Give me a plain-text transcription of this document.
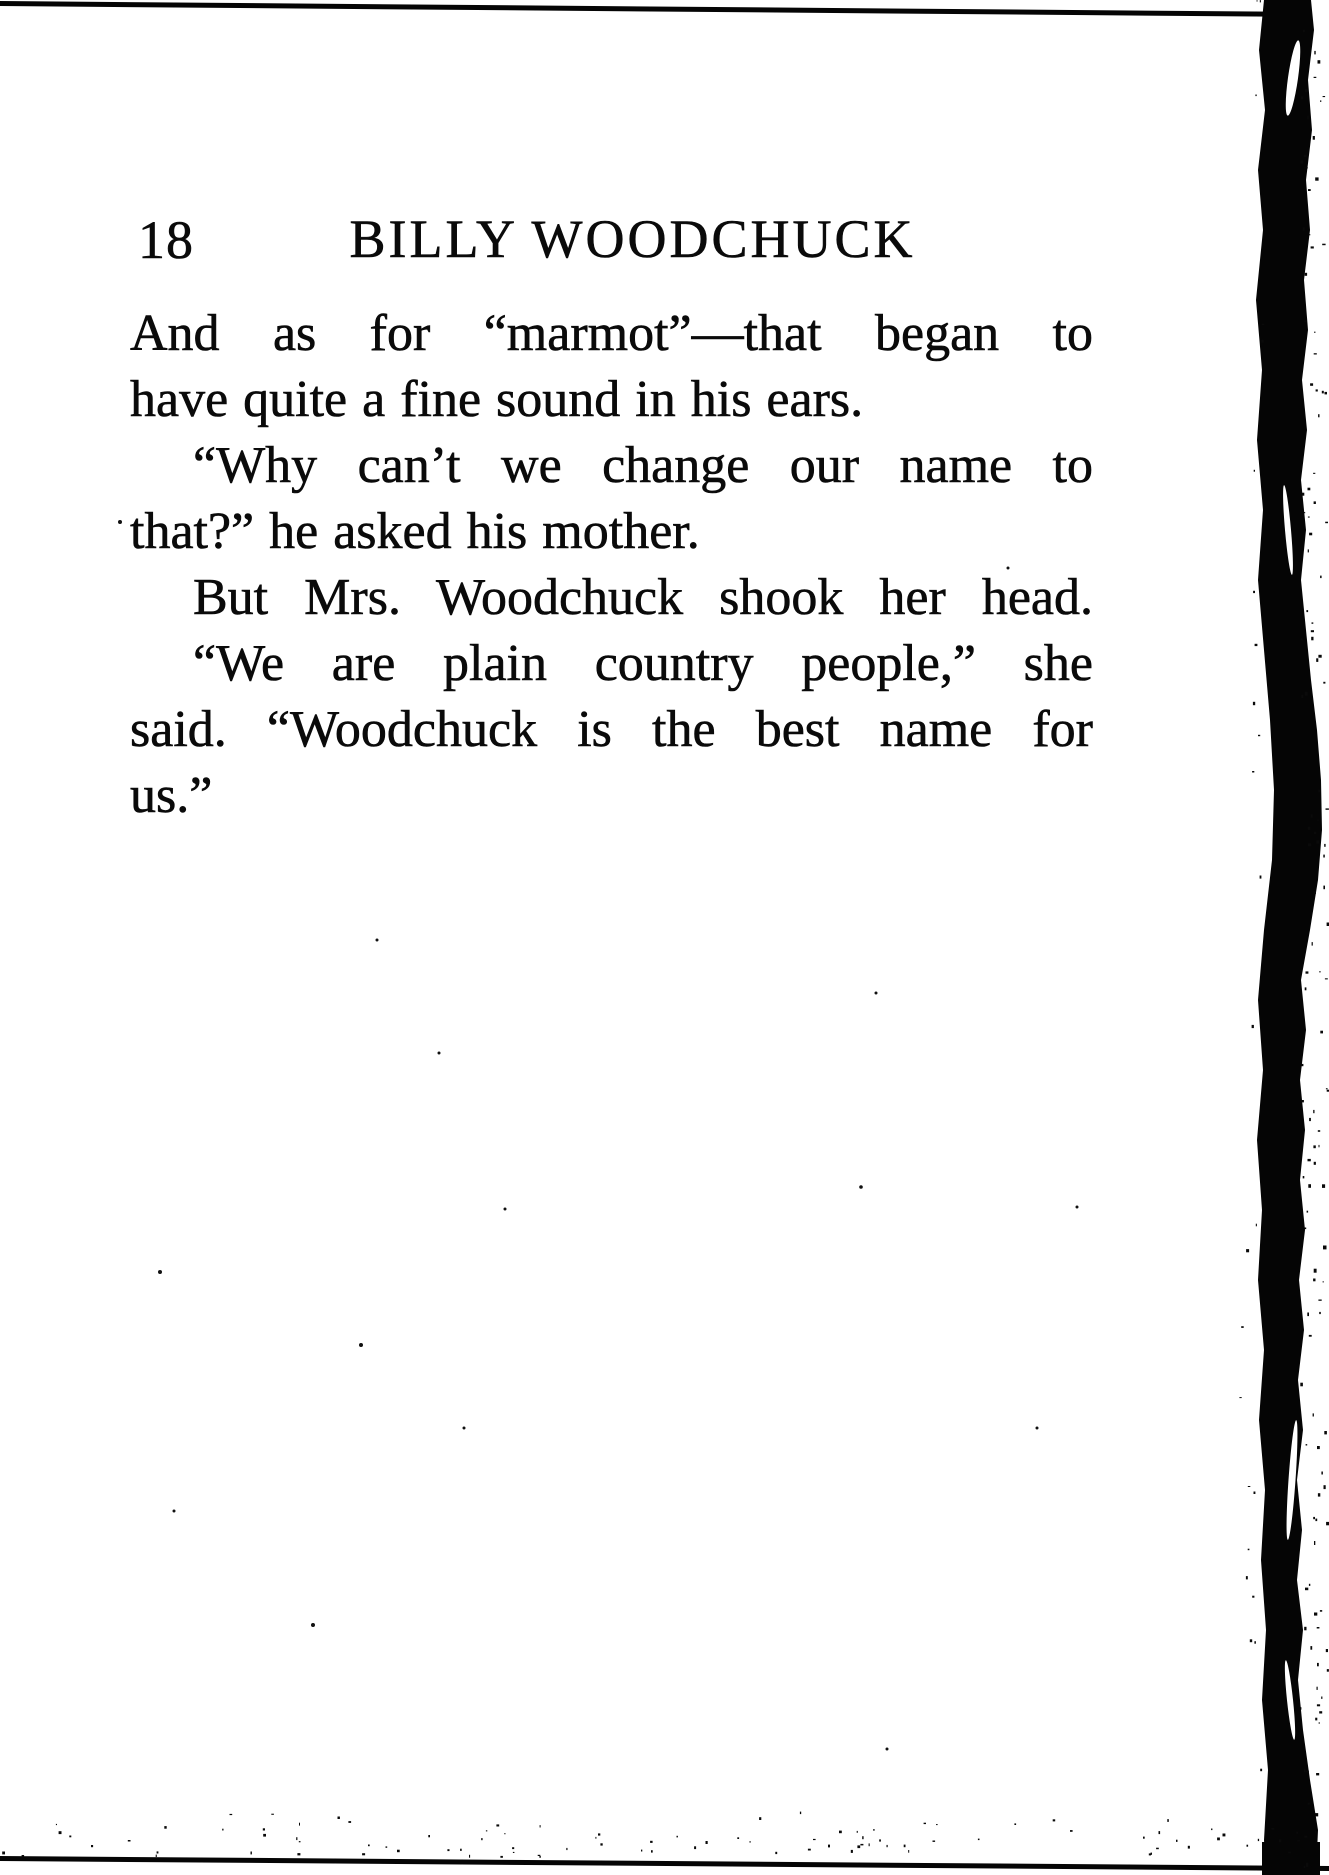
18	BILLY WOODCHUCK
And as for “marmot”—that began to
have quite a fine sound in his ears.
“Why can’t we change our name to
that?” he asked his mother.
But Mrs. Woodchuck shook her head.
“We are plain country people,” she
said. “Woodchuck is the best name for
us.”
